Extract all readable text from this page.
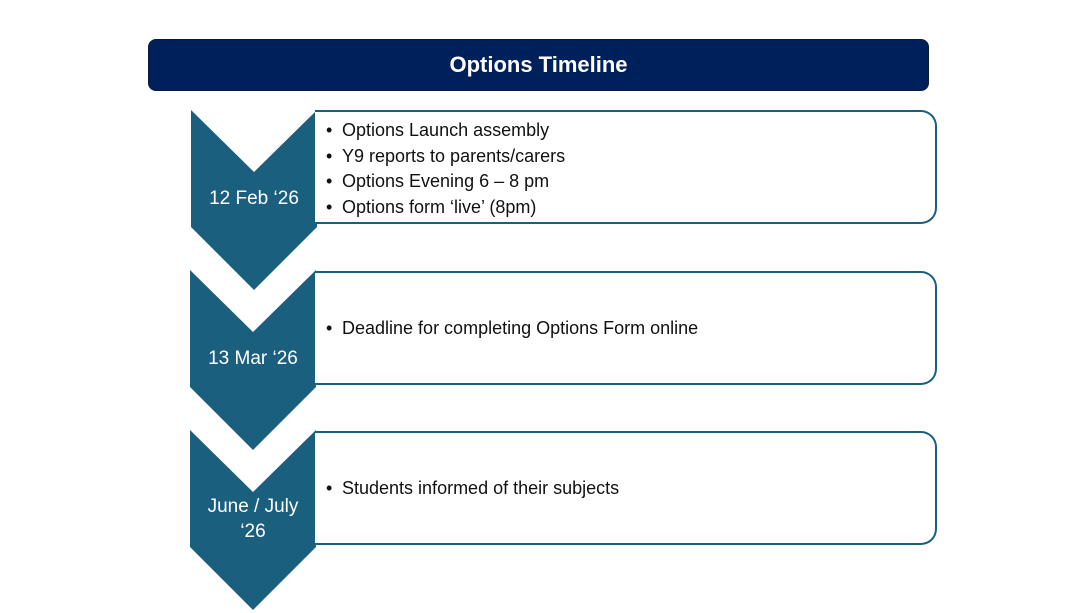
Options Timeline
12 Feb ‘26
• Options Launch assembly
• Y9 reports to parents/carers
• Options Evening 6 – 8 pm
• Options form ‘live’ (8pm)
13 Mar ‘26
• Deadline for completing Options Form online
June / July ‘26
• Students informed of their subjects
